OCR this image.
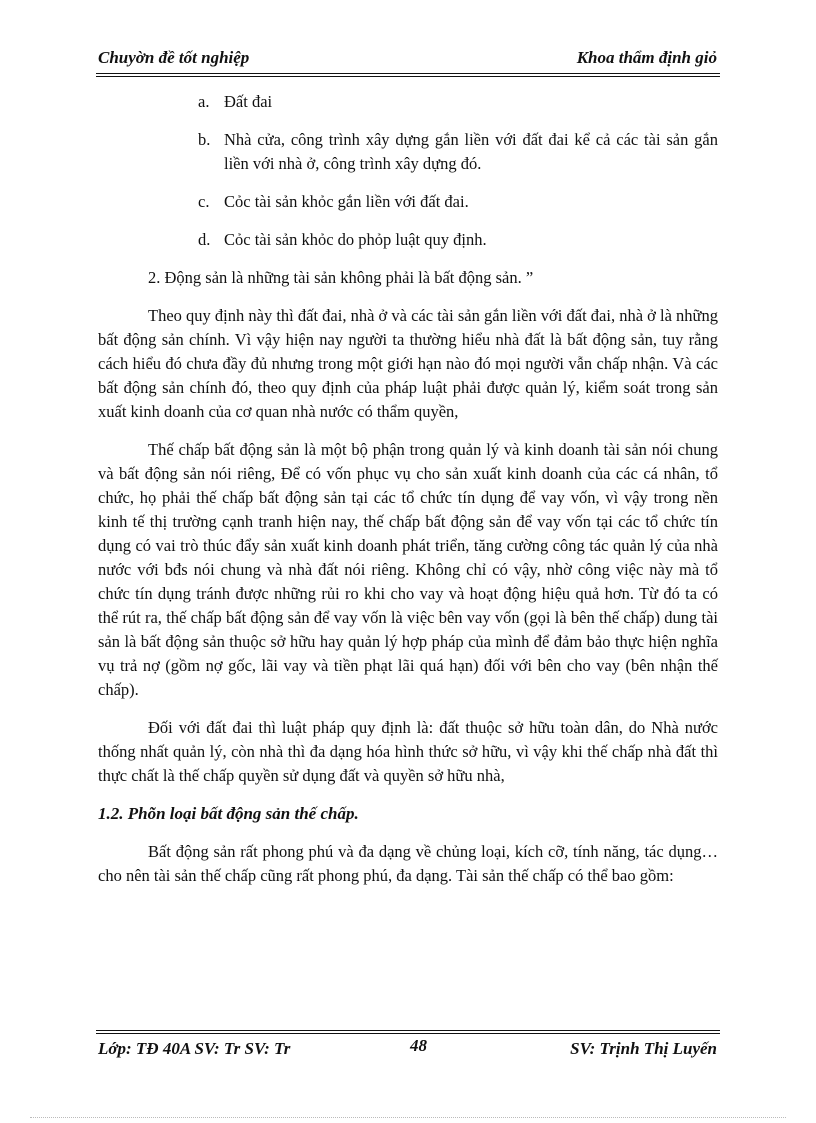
Chuyờn đề tốt nghiệp	Khoa thẩm định giỏ
a. Đất đai
b. Nhà cửa, công trình xây dựng gắn liền với đất đai kể cả các tài sản gắn liền với nhà ở, công trình xây dựng đó.
c. Cỏc tài sản khỏc gắn liền với đất đai.
d. Cỏc tài sản khỏc do phỏp luật quy định.

2. Động sản là những tài sản không phải là bất động sản. ”

Theo quy định này thì đất đai, nhà ở và các tài sản gắn liền với đất đai, nhà ở là những bất động sản chính. Vì vậy hiện nay người ta thường hiểu nhà đất là bất động sản, tuy rằng cách hiểu đó chưa đầy đủ nhưng trong một giới hạn nào đó mọi người vẫn chấp nhận. Và các bất động sản chính đó, theo quy định của pháp luật phải được quản lý, kiểm soát trong sản xuất kinh doanh của cơ quan nhà nước có thẩm quyền,

Thế chấp bất động sản là một bộ phận trong quản lý và kinh doanh tài sản nói chung và bất động sản nói riêng, Để có vốn phục vụ cho sản xuất kinh doanh của các cá nhân, tổ chức, họ phải thế chấp bất động sản tại các tổ chức tín dụng để vay vốn, vì vậy trong nền kinh tế thị trường cạnh tranh hiện nay, thế chấp bất động sản để vay vốn tại các tổ chức tín dụng có vai trò thúc đẩy sản xuất kinh doanh phát triển, tăng cường công tác quản lý của nhà nước với bđs nói chung và nhà đất nói riêng. Không chỉ có vậy, nhờ công việc này mà tổ chức tín dụng tránh được những rủi ro khi cho vay và hoạt động hiệu quả hơn. Từ đó ta có thể rút ra, thế chấp bất động sản để vay vốn là việc bên vay vốn (gọi là bên thế chấp) dung tài sản là bất động sản thuộc sở hữu hay quản lý hợp pháp của mình để đảm bảo thực hiện nghĩa vụ trả nợ (gồm nợ gốc, lãi vay và tiền phạt lãi quá hạn) đối với bên cho vay (bên nhận thế chấp).

Đối với đất đai thì luật pháp quy định là: đất thuộc sở hữu toàn dân, do Nhà nước thống nhất quản lý, còn nhà thì đa dạng hóa hình thức sở hữu, vì vậy khi thế chấp nhà đất thì thực chất là thế chấp quyền sử dụng đất và quyền sở hữu nhà,

1.2. Phõn loại bất động sản thế chấp.

Bất động sản rất phong phú và đa dạng về chủng loại, kích cỡ, tính năng, tác dụng… cho nên tài sản thế chấp cũng rất phong phú, đa dạng. Tài sản thế chấp có thể bao gồm:

Lớp: TĐ 40A SV: Tr SV: Tr	48	SV: Trịnh Thị Luyến
